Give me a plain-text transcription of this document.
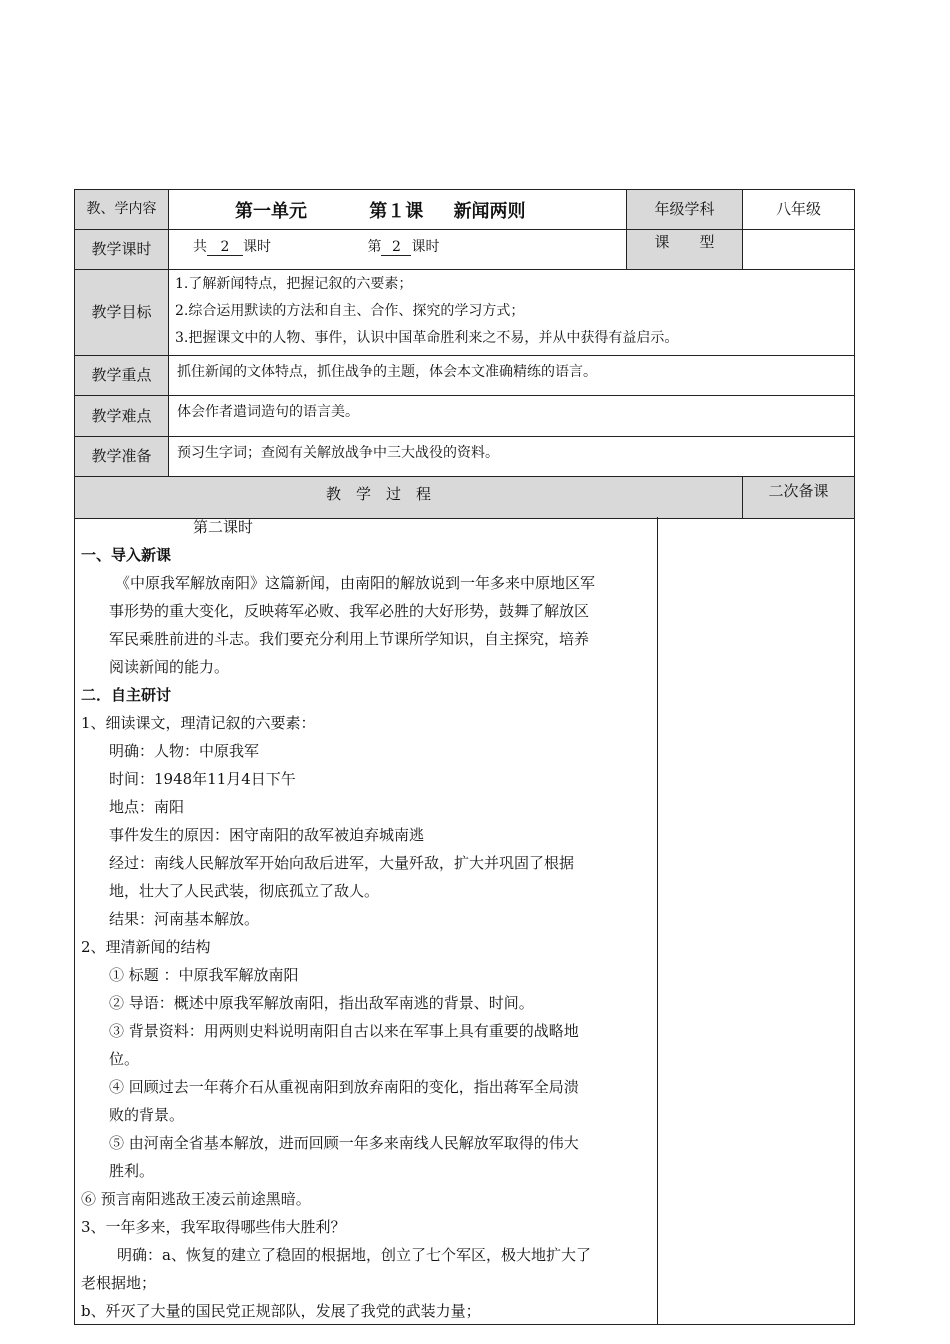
教、学内容	第一单元 第１课 新闻两则	年级学科	八年级
教学课时	共 2 课时 第 2 课时	课　　型	
教学目标	1.了解新闻特点，把握记叙的六要素；
2.综合运用默读的方法和自主、合作、探究的学习方式；
3.把握课文中的人物、事件，认识中国革命胜利来之不易，并从中获得有益启示。		

教学重点	抓住新闻的文体特点，抓住战争的主题，体会本文准确精练的语言。		
教学难点	体会作者遣词造句的语言美。		
教学准备	预习生字词；查阅有关解放战争中三大战役的资料。		

教　学　过　程			二次备课
第二课时
一、导入新课
《中原我军解放南阳》这篇新闻，由南阳的解放说到一年多来中原地区军
事形势的重大变化，反映蒋军必败、我军必胜的大好形势，鼓舞了解放区
军民乘胜前进的斗志。我们要充分利用上节课所学知识，自主探究，培养
阅读新闻的能力。
二．自主研讨
1、细读课文，理清记叙的六要素：
明确：人物：中原我军
时间：1948年11月4日下午
地点：南阳
事件发生的原因：困守南阳的敌军被迫弃城南逃
经过：南线人民解放军开始向敌后进军，大量歼敌，扩大并巩固了根据
地，壮大了人民武装，彻底孤立了敌人。
结果：河南基本解放。
2、理清新闻的结构
① 标题 ：中原我军解放南阳
② 导语：概述中原我军解放南阳，指出敌军南逃的背景、时间。
③ 背景资料：用两则史料说明南阳自古以来在军事上具有重要的战略地
位。
④ 回顾过去一年蒋介石从重视南阳到放弃南阳的变化，指出蒋军全局溃
败的背景。
⑤ 由河南全省基本解放，进而回顾一年多来南线人民解放军取得的伟大
胜利。
⑥ 预言南阳逃敌王凌云前途黑暗。
3、一年多来，我军取得哪些伟大胜利？
明确：a、恢复的建立了稳固的根据地，创立了七个军区，极大地扩大了
老根据地；
b、歼灭了大量的国民党正规部队，发展了我党的武装力量；
